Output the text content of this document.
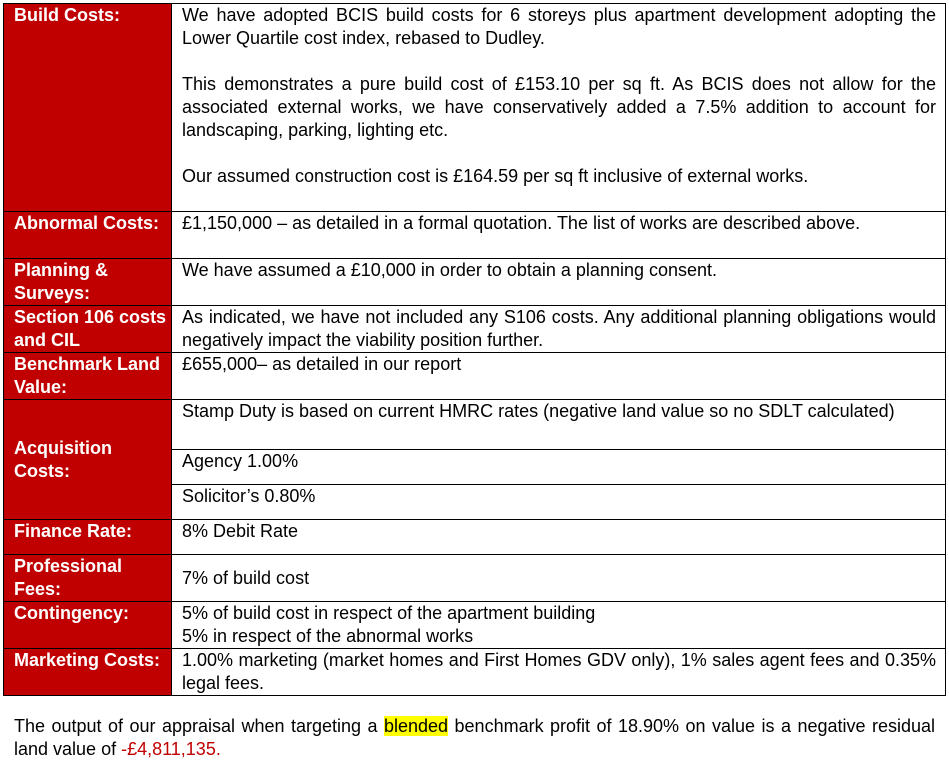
Build Costs:	We have adopted BCIS build costs for 6 storeys plus apartment development adopting the Lower Quartile cost index, rebased to Dudley.

This demonstrates a pure build cost of £153.10 per sq ft. As BCIS does not allow for the associated external works, we have conservatively added a 7.5% addition to account for landscaping, parking, lighting etc.

Our assumed construction cost is £164.59 per sq ft inclusive of external works.

Abnormal Costs:	£1,150,000 – as detailed in a formal quotation. The list of works are described above.
Planning & Surveys:	We have assumed a £10,000 in order to obtain a planning consent.
Section 106 costs and CIL	As indicated, we have not included any S106 costs. Any additional planning obligations would negatively impact the viability position further.
Benchmark Land Value:	£655,000– as detailed in our report
Acquisition Costs:	Stamp Duty is based on current HMRC rates (negative land value so no SDLT calculated)
	Agency 1.00%
	Solicitor’s 0.80%
Finance Rate:	8% Debit Rate
Professional Fees:	7% of build cost
Contingency:	5% of build cost in respect of the apartment building
5% in respect of the abnormal works

Marketing Costs:	1.00% marketing (market homes and First Homes GDV only), 1% sales agent fees and 0.35% legal fees.

The output of our appraisal when targeting a blended benchmark profit of 18.90% on value is a negative residual land value of -£4,811,135.
